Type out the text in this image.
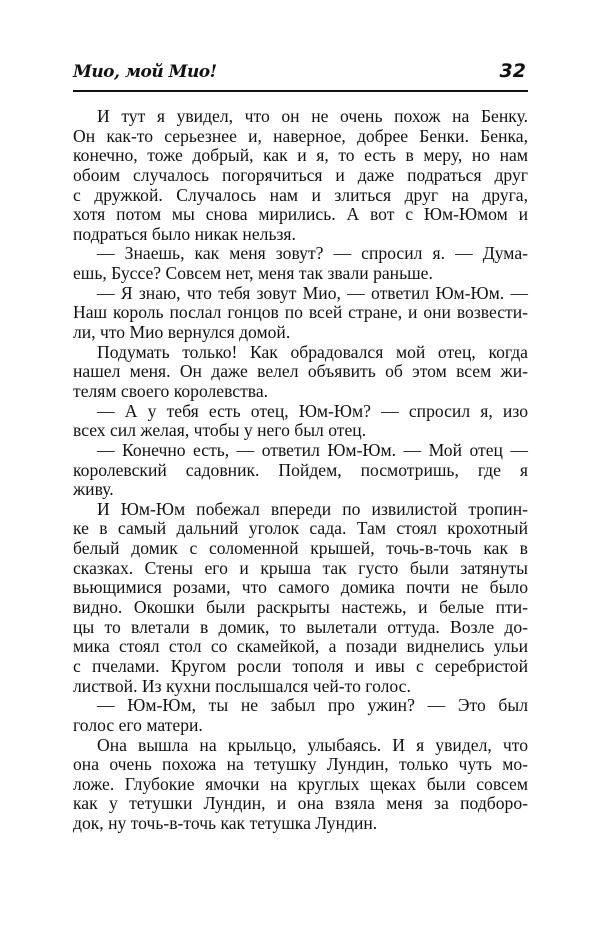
Мио, мой Мио!	32
И тут я увидел, что он не очень похож на Бенку.
Он как-то серьезнее и, наверное, добрее Бенки. Бенка,
конечно, тоже добрый, как и я, то есть в меру, но нам
обоим случалось погорячиться и даже подраться друг
с дружкой. Случалось нам и злиться друг на друга,
хотя потом мы снова мирились. А вот с Юм-Юмом и
подраться было никак нельзя.
— Знаешь, как меня зовут? — спросил я. — Дума-
ешь, Буссе? Совсем нет, меня так звали раньше.
— Я знаю, что тебя зовут Мио, — ответил Юм-Юм. —
Наш король послал гонцов по всей стране, и они возвести-
ли, что Мио вернулся домой.
Подумать только! Как обрадовался мой отец, когда
нашел меня. Он даже велел объявить об этом всем жи-
телям своего королевства.
— А у тебя есть отец, Юм-Юм? — спросил я, изо
всех сил желая, чтобы у него был отец.
— Конечно есть, — ответил Юм-Юм. — Мой отец —
королевский садовник. Пойдем, посмотришь, где я
живу.
И Юм-Юм побежал впереди по извилистой тропин-
ке в самый дальний уголок сада. Там стоял крохотный
белый домик с соломенной крышей, точь-в-точь как в
сказках. Стены его и крыша так густо были затянуты
вьющимися розами, что самого домика почти не было
видно. Окошки были раскрыты настежь, и белые пти-
цы то влетали в домик, то вылетали оттуда. Возле до-
мика стоял стол со скамейкой, а позади виднелись ульи
с пчелами. Кругом росли тополя и ивы с серебристой
листвой. Из кухни послышался чей-то голос.
— Юм-Юм, ты не забыл про ужин? — Это был
голос его матери.
Она вышла на крыльцо, улыбаясь. И я увидел, что
она очень похожа на тетушку Лундин, только чуть мо-
ложе. Глубокие ямочки на круглых щеках были совсем
как у тетушки Лундин, и она взяла меня за подборо-
док, ну точь-в-точь как тетушка Лундин.
